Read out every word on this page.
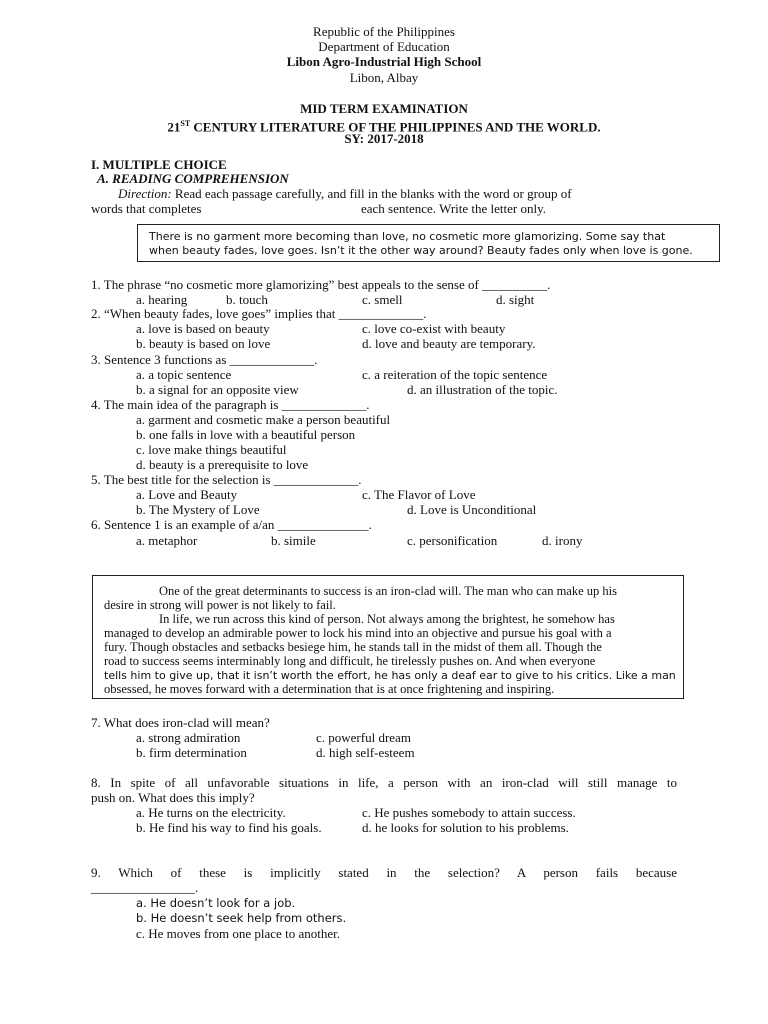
Republic of the Philippines
Department of Education
Libon Agro-Industrial High School
Libon, Albay
MID TERM EXAMINATION
21ST CENTURY LITERATURE OF THE PHILIPPINES AND THE WORLD.
SY: 2017-2018
I. MULTIPLE CHOICE
A. READING COMPREHENSION
Direction: Read each passage carefully, and fill in the blanks with the word or group of
words that completes	each sentence. Write the letter only.
There is no garment more becoming than love, no cosmetic more glamorizing. Some say that
when beauty fades, love goes. Isn’t it the other way around? Beauty fades only when love is gone.
1. The phrase “no cosmetic more glamorizing” best appeals to the sense of __________.
a. hearing	b. touch	c. smell	d. sight
2. “When beauty fades, love goes” implies that _____________.
a. love is based on beauty	c. love co-exist with beauty
b. beauty is based on love	d. love and beauty are temporary.
3. Sentence 3 functions as _____________.
a. a topic sentence	c. a reiteration of the topic sentence
b. a signal for an opposite view	d. an illustration of the topic.
4. The main idea of the paragraph is _____________.
a. garment and cosmetic make a person beautiful
b. one falls in love with a beautiful person
c. love make things beautiful
d. beauty is a prerequisite to love
5. The best title for the selection is _____________.
a. Love and Beauty	c. The Flavor of Love
b. The Mystery of Love	d. Love is Unconditional
6. Sentence 1 is an example of a/an ______________.
a. metaphor	b. simile	c. personification	d. irony
One of the great determinants to success is an iron-clad will. The man who can make up his
desire in strong will power is not likely to fail.
In life, we run across this kind of person. Not always among the brightest, he somehow has
managed to develop an admirable power to lock his mind into an objective and pursue his goal with a
fury. Though obstacles and setbacks besiege him, he stands tall in the midst of them all. Though the
road to success seems interminably long and difficult, he tirelessly pushes on. And when everyone
tells him to give up, that it isn’t worth the effort, he has only a deaf ear to give to his critics. Like a man
obsessed, he moves forward with a determination that is at once frightening and inspiring.
7. What does iron-clad will mean?
a. strong admiration	c. powerful dream
b. firm determination	d. high self-esteem
8. In spite of all unfavorable situations in life, a person with an iron-clad will still manage to
push on. What does this imply?
a. He turns on the electricity.	c. He pushes somebody to attain success.
b. He find his way to find his goals.	d. he looks for solution to his problems.
9. Which of these is implicitly stated in the selection? A person fails because
________________.
a. He doesn’t look for a job.
b. He doesn’t seek help from others.
c. He moves from one place to another.
